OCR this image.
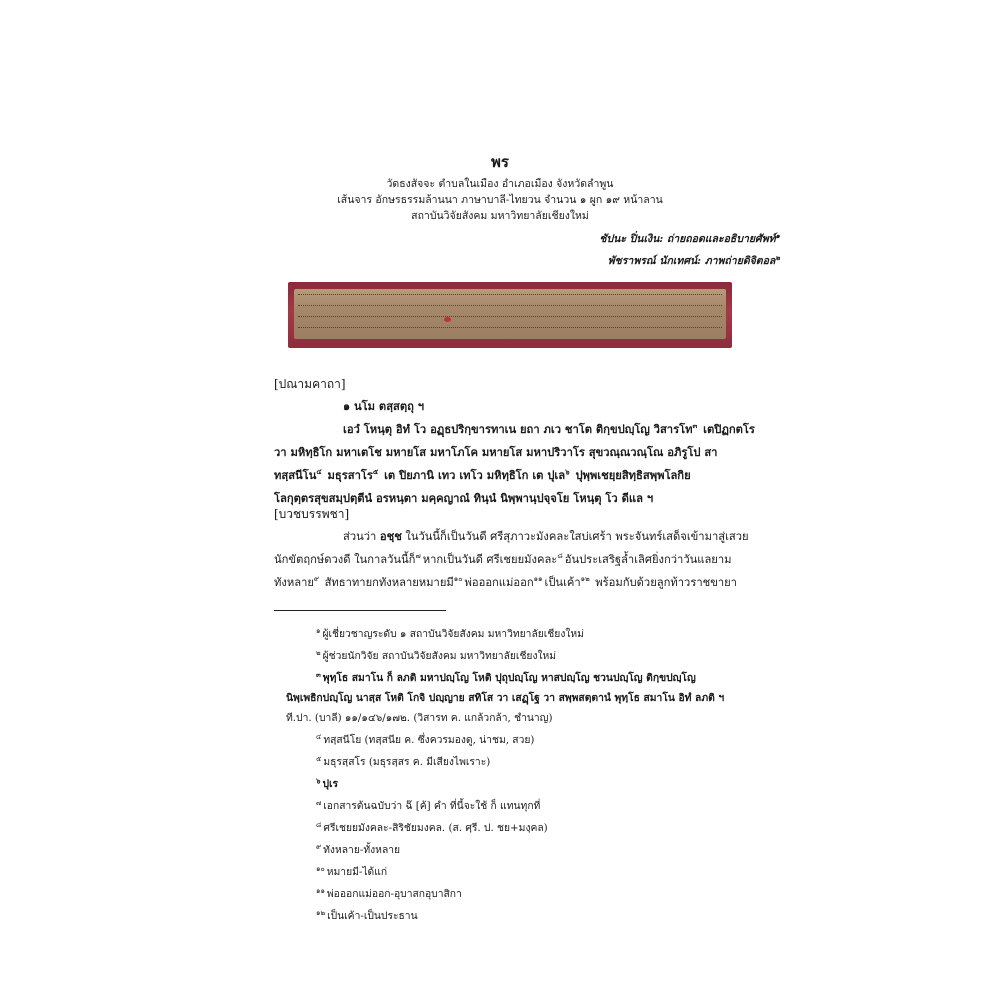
พร
วัดธงสัจจะ ตำบลในเมือง อำเภอเมือง จังหวัดลำพูน
เส้นจาร อักษรธรรมล้านนา ภาษาบาลี-ไทยวน จำนวน ๑ ผูก ๑๙ หน้าลาน
สถาบันวิจัยสังคม มหาวิทยาลัยเชียงใหม่
ชัปนะ ปิ่นเงิน: ถ่ายถอดและอธิบายศัพท์$^๑$
พัชราพรณ์ นักเทศน์: ภาพถ่ายดิจิตอล$^๒$
[ปณามคาถา]
๑ นโม ตสฺสตฺถุ ฯ
เอวํ โหนฺตุ อิทํ โว อฏฺธปริกฺขารทาเน ยถา ภเว ชาโต ติกฺขปญฺโญ วิสารโท$^๓$ เตปิฏกตโร
วา มหิทฺธิโก มหาเตโช มหายโส มหาโภโค มหายโส มหาปริวาโร สุขวณฺณวณฺโณ อภิรูโป สา
ทสฺสนีโน$^๔$ มธุรสาโร$^๕$ เต ปิยภานิ เทว เทโว มหิทฺธิโก เต ปุเล$^๖$ ปุพฺพเชยฺยสิทฺธิสพฺพโลกิย
โลกุตฺตรสุขสมฺปตฺตีนํ อรหนฺตา มคฺคญาณํ ทินฺนํ นิพฺพานฺปจฺจโย โหนฺตุ โว ดีแล ฯ
[บวชบรรพชา]
ส่วนว่า อชฺช ในวันนี้ก็เป็นวันดี ศรีสุภาวะมังคละใสบ่เศร้า พระจันทร์เสด็จเข้ามาสู่เสวย
นักขัตฤกษ์ดวงดี ในกาลวันนี้ก็$^๗$ หากเป็นวันดี ศรีเชยยมังคละ$^๘$ อันประเสริฐล้ำเลิศยิ่งกว่าวันแลยาม
ทังหลาย$^๙$ สัทธาทายกทังหลายหมายมี$^{๑๐}$ พ่อออกแม่ออก$^{๑๑}$ เป็นเค้า$^{๑๒}$ พร้อมกับด้วยลูกท้าวราชขายา
$^๑$ ผู้เชี่ยวชาญระดับ ๑ สถาบันวิจัยสังคม มหาวิทยาลัยเชียงใหม่
$^๒$ ผู้ช่วยนักวิจัย สถาบันวิจัยสังคม มหาวิทยาลัยเชียงใหม่
$^๓$ พุทฺโธ สมาโน ก็ ลภติ มหาปญฺโญ โหติ ปุถุปญฺโญ หาสปญฺโญ ชวนปญฺโญ ติกฺขปญฺโญ
นิพฺเพธิกปญฺโญ นาสฺส โหติ โกจิ ปญฺญาย สทิโส วา เสฏฺโฐ วา สพฺพสตฺตานํ พุทฺโธ สมาโน อิทํ ลภติ ฯ
ที.ปา. (บาลี) ๑๑/๑๔๖/๑๗๒. (วิสารท ค. แกล้วกล้า, ชำนาญ)
$^๔$ ทสฺสนีโย (ทสฺสนีย ค. ซึ่งควรมองดู, น่าชม, สวย)
$^๕$ มธุรสฺสโร (มธุรสฺสร ค. มีเสียงไพเราะ)
$^๖$ ปุเร
$^๗$ เอกสารต้นฉบับว่า ฉ๊ [ค้] คำ ที่นี้จะใช้ ก็ แทนทุกที่
$^๘$ ศรีเชยยมังคละ-สิริชัยมงคล. (ส. ศฺรี. ป. ชย+มงฺคล)
$^๙$ ทังหลาย-ทั้งหลาย
$^{๑๐}$ หมายมี-ได้แก่
$^{๑๑}$ พ่อออกแม่ออก-อุบาสกอุบาสิกา
$^{๑๒}$ เป็นเค้า-เป็นประธาน
